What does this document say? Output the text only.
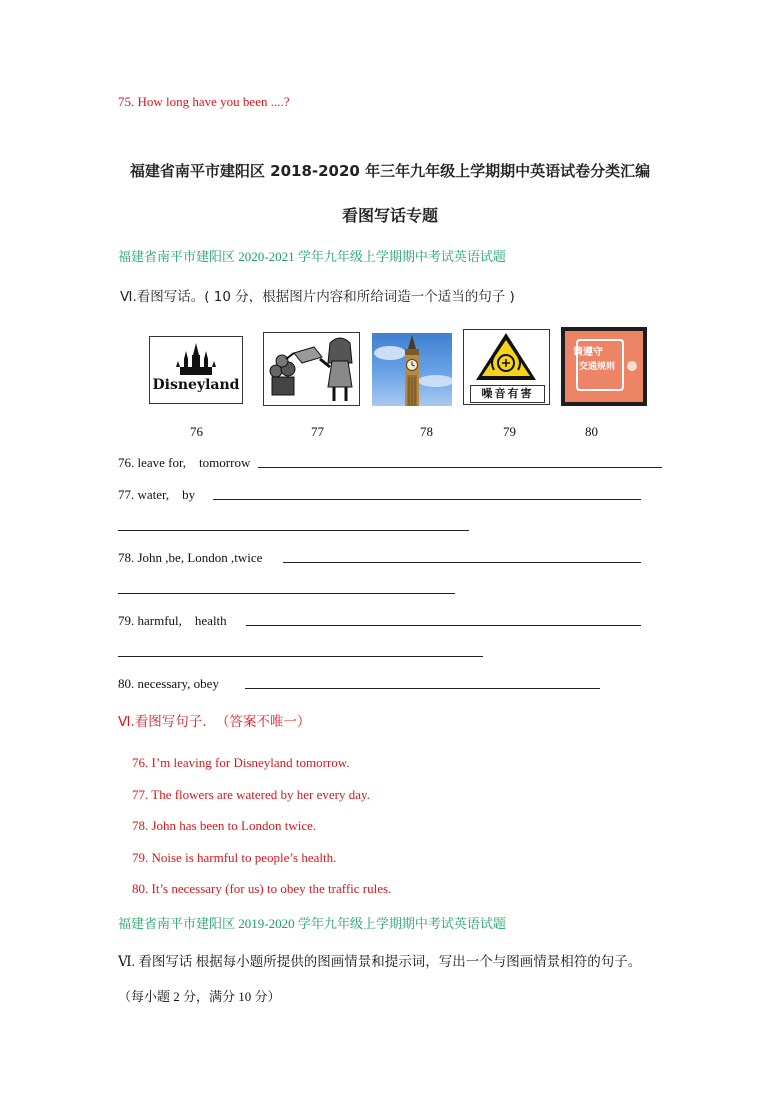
75. How long have you been ....?
福建省南平市建阳区 2018-2020 年三年九年级上学期期中英语试卷分类汇编
看图写话专题
福建省南平市建阳区 2020-2021 学年九年级上学期期中考试英语试题
Ⅵ.看图写话。( 10 分，根据图片内容和所给词造一个适当的句子 )
Disneyland
噪音有害
请遵守
交通规则
76	77	78	79	80
76. leave for,    tomorrow
77. water,    by
78. John ,be, London ,twice
79. harmful,    health
80. necessary, obey
Ⅵ.看图写句子. （答案不唯一）
76. I’m leaving for Disneyland tomorrow.
77. The flowers are watered by her every day.
78. John has been to London twice.
79. Noise is harmful to people’s health.
80. It’s necessary (for us) to obey the traffic rules.
福建省南平市建阳区 2019-2020 学年九年级上学期期中考试英语试题
Ⅵ. 看图写话 根据每小题所提供的图画情景和提示词，写出一个与图画情景相符的句子。
（每小题 2 分，满分 10 分）
